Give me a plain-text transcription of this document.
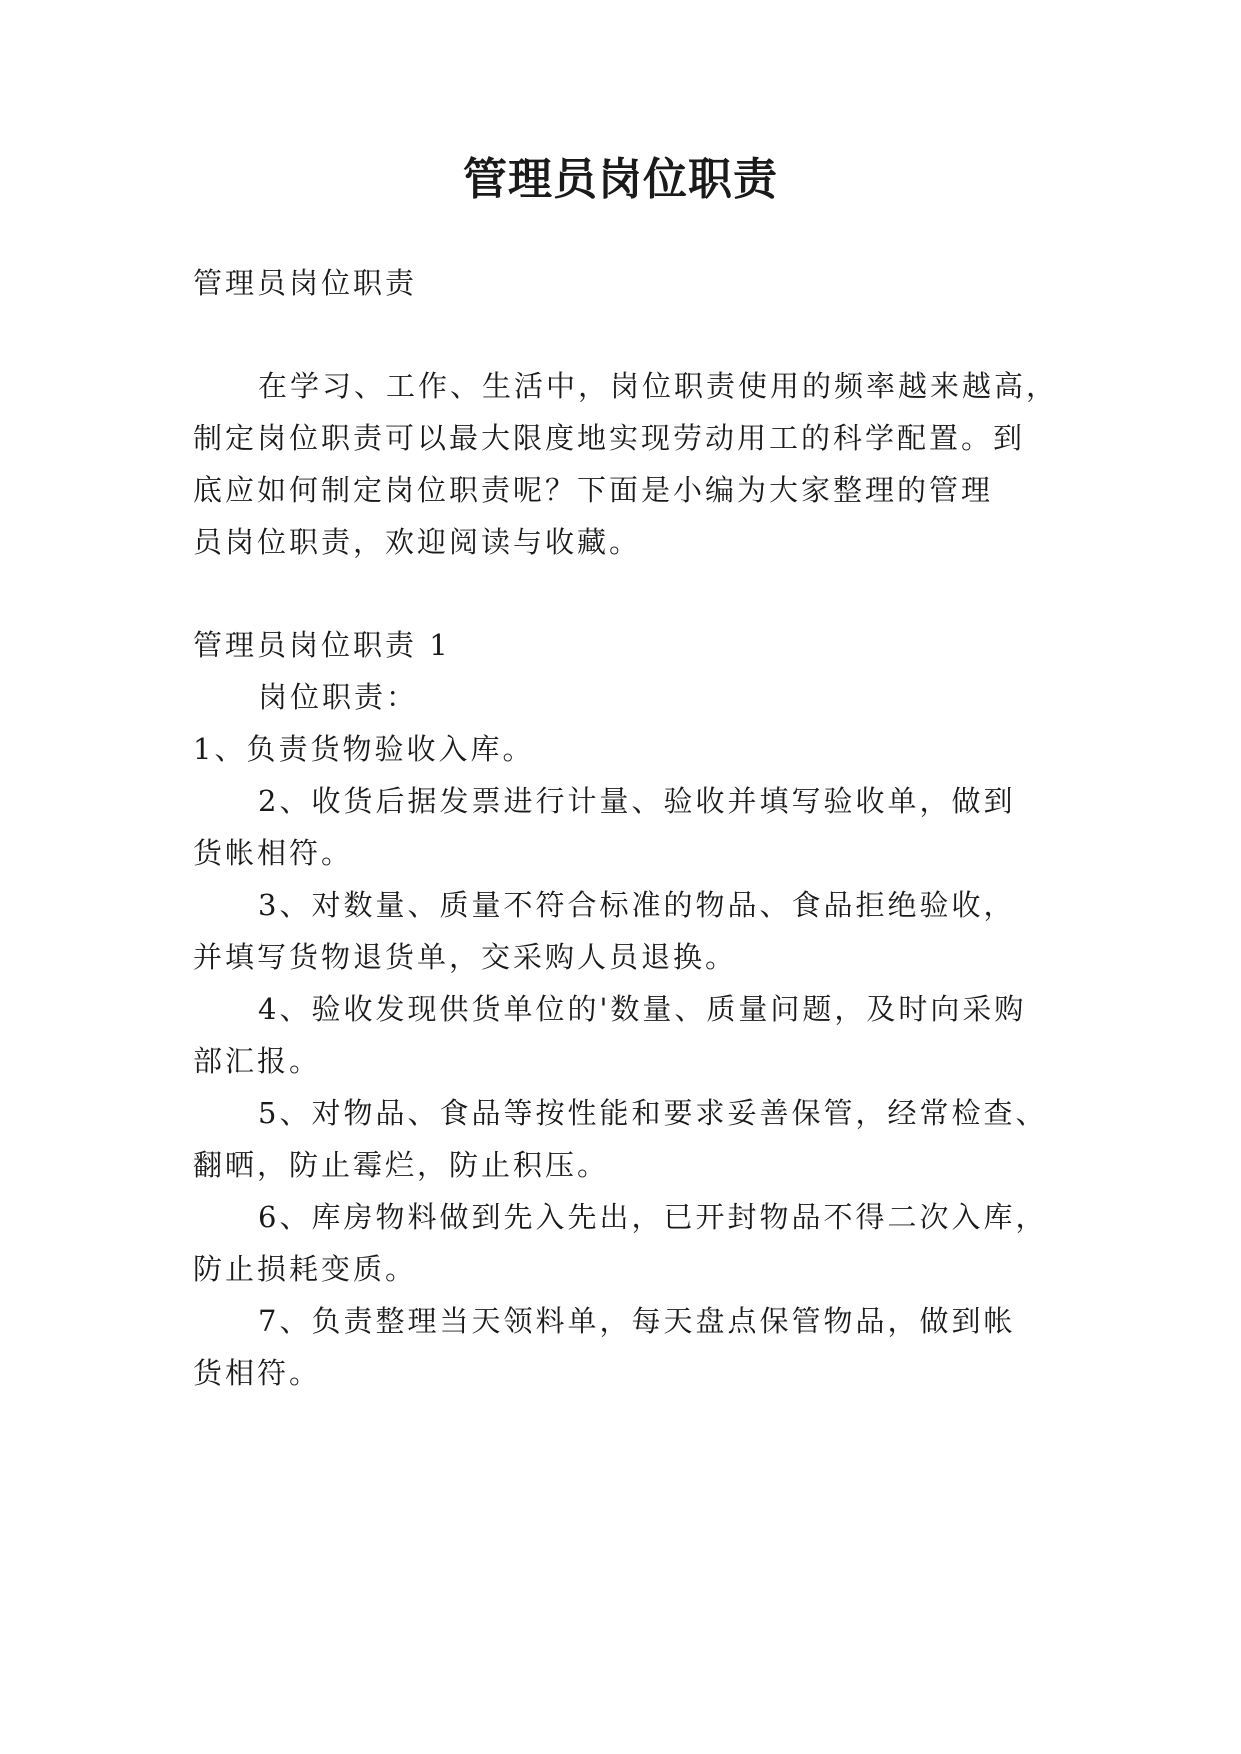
管理员岗位职责

管理员岗位职责

在学习、工作、生活中，岗位职责使用的频率越来越高，

制定岗位职责可以最大限度地实现劳动用工的科学配置。到

底应如何制定岗位职责呢？下面是小编为大家整理的管理

员岗位职责，欢迎阅读与收藏。

管理员岗位职责 1

岗位职责：

1、负责货物验收入库。

2、收货后据发票进行计量、验收并填写验收单，做到

货帐相符。

3、对数量、质量不符合标准的物品、食品拒绝验收，

并填写货物退货单，交采购人员退换。

4、验收发现供货单位的'数量、质量问题，及时向采购

部汇报。

5、对物品、食品等按性能和要求妥善保管，经常检查、

翻晒，防止霉烂，防止积压。

6、库房物料做到先入先出，已开封物品不得二次入库，

防止损耗变质。

7、负责整理当天领料单，每天盘点保管物品，做到帐

货相符。
